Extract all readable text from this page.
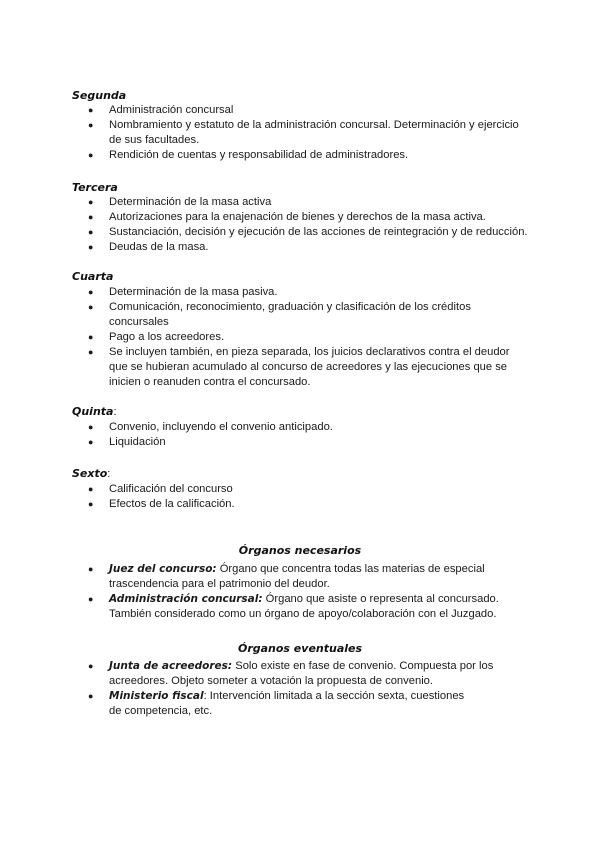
Segunda
● Administración concursal
● Nombramiento y estatuto de la administración concursal. Determinación y ejercicio de sus facultades.
● Rendición de cuentas y responsabilidad de administradores.
Tercera
● Determinación de la masa activa
● Autorizaciones para la enajenación de bienes y derechos de la masa activa.
● Sustanciación, decisión y ejecución de las acciones de reintegración y de reducción.
● Deudas de la masa.
Cuarta
● Determinación de la masa pasiva.
● Comunicación, reconocimiento, graduación y clasificación de los créditos concursales
● Pago a los acreedores.
● Se incluyen también, en pieza separada, los juicios declarativos contra el deudor que se hubieran acumulado al concurso de acreedores y las ejecuciones que se inicien o reanuden contra el concursado.
Quinta:
● Convenio, incluyendo el convenio anticipado.
● Liquidación
Sexto:
● Calificación del concurso
● Efectos de la calificación.
Órganos necesarios
● Juez del concurso: Órgano que concentra todas las materias de especial trascendencia para el patrimonio del deudor.
● Administración concursal: Órgano que asiste o representa al concursado. También considerado como un órgano de apoyo/colaboración con el Juzgado.
Órganos eventuales
● Junta de acreedores: Solo existe en fase de convenio. Compuesta por los acreedores. Objeto someter a votación la propuesta de convenio.
● Ministerio fiscal: Intervención limitada a la sección sexta, cuestiones de competencia, etc.
